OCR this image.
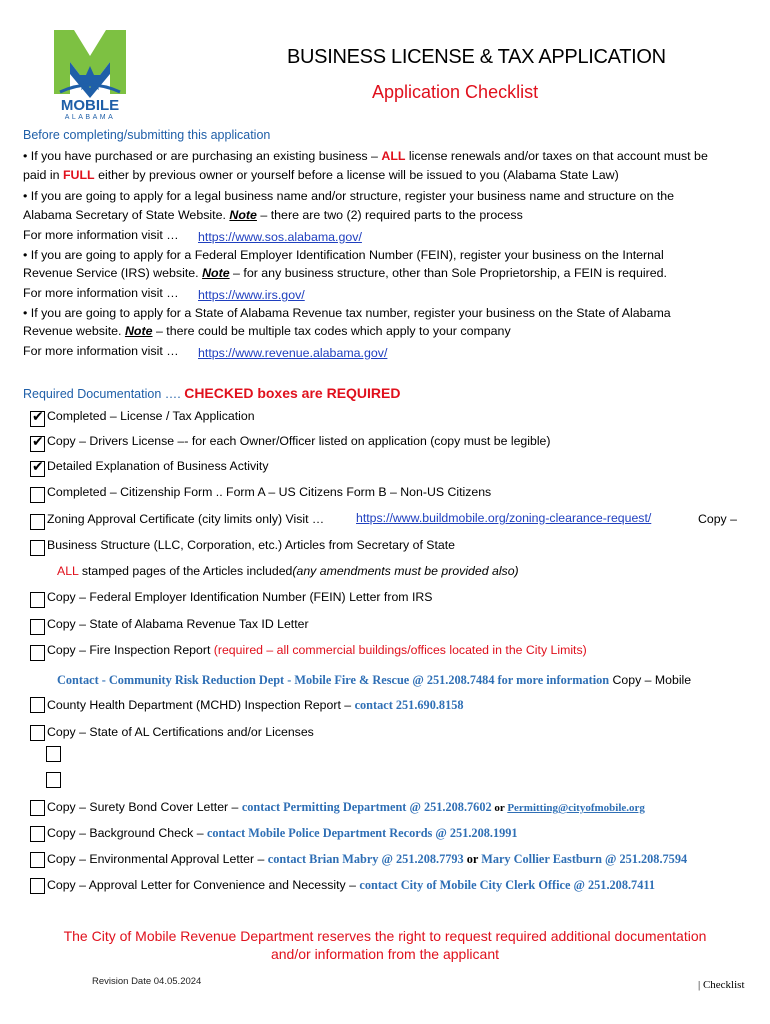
MOBILE
ALABAMA
BUSINESS LICENSE & TAX APPLICATION
Application Checklist
Before completing/submitting this application
• If you have purchased or are purchasing an existing business – ALL license renewals and/or taxes on that account must be
paid in FULL either by previous owner or yourself before a license will be issued to you (Alabama State Law)
• If you are going to apply for a legal business name and/or structure, register your business name and structure on the
Alabama Secretary of State Website. Note – there are two (2) required parts to the process
For more information visit … https://www.sos.alabama.gov/
• If you are going to apply for a Federal Employer Identification Number (FEIN), register your business on the Internal
Revenue Service (IRS) website. Note – for any business structure, other than Sole Proprietorship, a FEIN is required.
For more information visit … https://www.irs.gov/
• If you are going to apply for a State of Alabama Revenue tax number, register your business on the State of Alabama
Revenue website. Note – there could be multiple tax codes which apply to your company
For more information visit … https://www.revenue.alabama.gov/
Required Documentation …. CHECKED boxes are REQUIRED
✔ Completed – License / Tax Application
✔ Copy – Drivers License –- for each Owner/Officer listed on application (copy must be legible)
✔ Detailed Explanation of Business Activity
Completed – Citizenship Form .. Form A – US Citizens Form B – Non-US Citizens
Zoning Approval Certificate (city limits only) Visit …	https://www.buildmobile.org/zoning-clearance-request/	Copy –
Business Structure (LLC, Corporation, etc.) Articles from Secretary of State
ALL stamped pages of the Articles included(any amendments must be provided also)
Copy – Federal Employer Identification Number (FEIN) Letter from IRS
Copy – State of Alabama Revenue Tax ID Letter
Copy – Fire Inspection Report (required – all commercial buildings/offices located in the City Limits)
Contact - Community Risk Reduction Dept - Mobile Fire & Rescue @ 251.208.7484 for more information Copy – Mobile
County Health Department (MCHD) Inspection Report – contact 251.690.8158
Copy – State of AL Certifications and/or Licenses
Copy – Surety Bond Cover Letter – contact Permitting Department @ 251.208.7602 or Permitting@cityofmobile.org
Copy – Background Check – contact Mobile Police Department Records @ 251.208.1991
Copy – Environmental Approval Letter – contact Brian Mabry @ 251.208.7793 or Mary Collier Eastburn @ 251.208.7594
Copy – Approval Letter for Convenience and Necessity – contact City of Mobile City Clerk Office @ 251.208.7411
The City of Mobile Revenue Department reserves the right to request required additional documentation
and/or information from the applicant
Revision Date 04.05.2024	| Checklist
